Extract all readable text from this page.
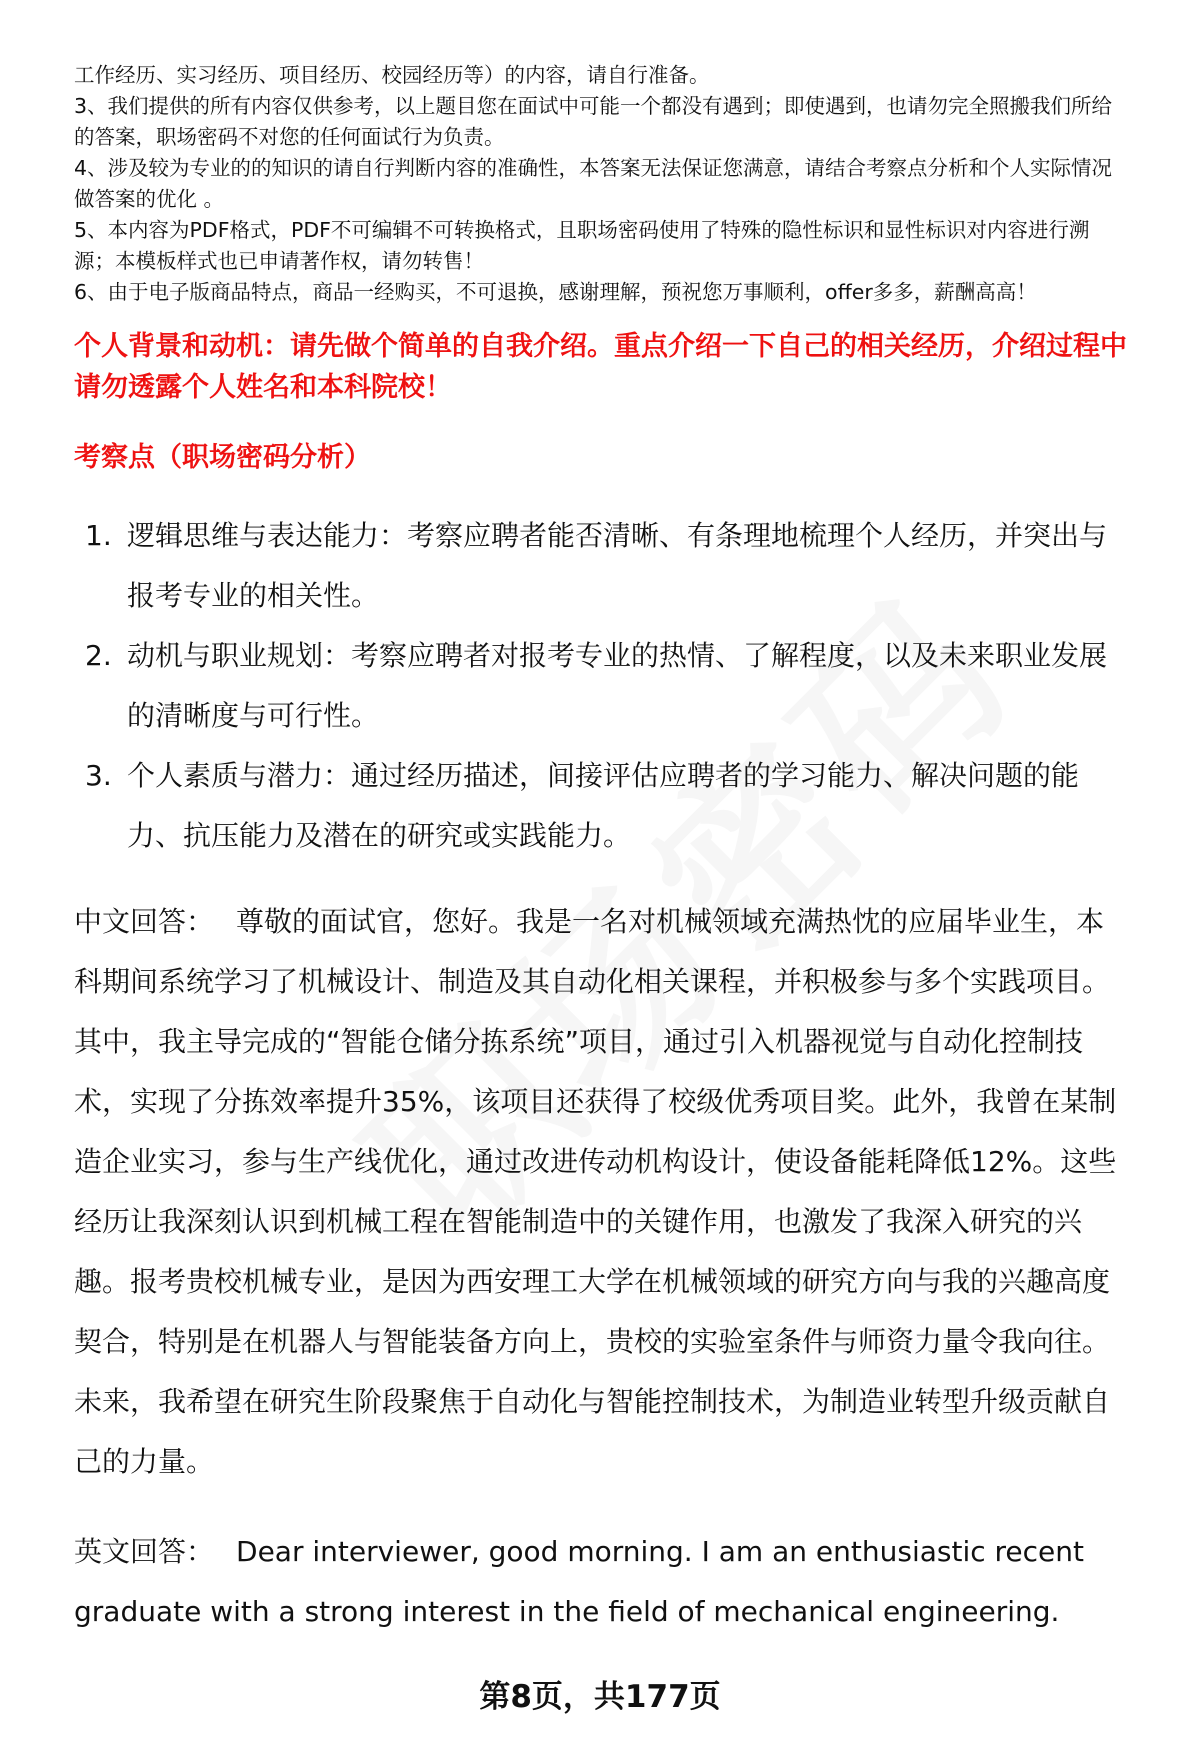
工作经历、实习经历、项目经历、校园经历等）的内容，请自行准备。

3、我们提供的所有内容仅供参考，以上题目您在面试中可能一个都没有遇到；即使遇到，也请勿完全照搬我们所给的答案，职场密码不对您的任何面试行为负责。

4、涉及较为专业的的知识的请自行判断内容的准确性，本答案无法保证您满意，请结合考察点分析和个人实际情况做答案的优化 。

5、本内容为PDF格式，PDF不可编辑不可转换格式，且职场密码使用了特殊的隐性标识和显性标识对内容进行溯源；本模板样式也已申请著作权，请勿转售！

6、由于电子版商品特点，商品一经购买，不可退换，感谢理解，预祝您万事顺利，offer多多，薪酬高高！

个人背景和动机：请先做个简单的自我介绍。重点介绍一下自己的相关经历，介绍过程中请勿透露个人姓名和本科院校！
考察点（职场密码分析）
1. 逻辑思维与表达能力：考察应聘者能否清晰、有条理地梳理个人经历，并突出与报考专业的相关性。
2. 动机与职业规划：考察应聘者对报考专业的热情、了解程度，以及未来职业发展的清晰度与可行性。
3. 个人素质与潜力：通过经历描述，间接评估应聘者的学习能力、解决问题的能力、抗压能力及潜在的研究或实践能力。
中文回答： 尊敬的面试官，您好。我是一名对机械领域充满热忱的应届毕业生，本科期间系统学习了机械设计、制造及其自动化相关课程，并积极参与多个实践项目。其中，我主导完成的“智能仓储分拣系统”项目，通过引入机器视觉与自动化控制技术，实现了分拣效率提升35%，该项目还获得了校级优秀项目奖。此外，我曾在某制造企业实习，参与生产线优化，通过改进传动机构设计，使设备能耗降低12%。这些经历让我深刻认识到机械工程在智能制造中的关键作用，也激发了我深入研究的兴趣。报考贵校机械专业，是因为西安理工大学在机械领域的研究方向与我的兴趣高度契合，特别是在机器人与智能装备方向上，贵校的实验室条件与师资力量令我向往。未来，我希望在研究生阶段聚焦于自动化与智能控制技术，为制造业转型升级贡献自己的力量。
英文回答： Dear interviewer, good morning. I am an enthusiastic recent graduate with a strong interest in the field of mechanical engineering.
第8页，共177页
